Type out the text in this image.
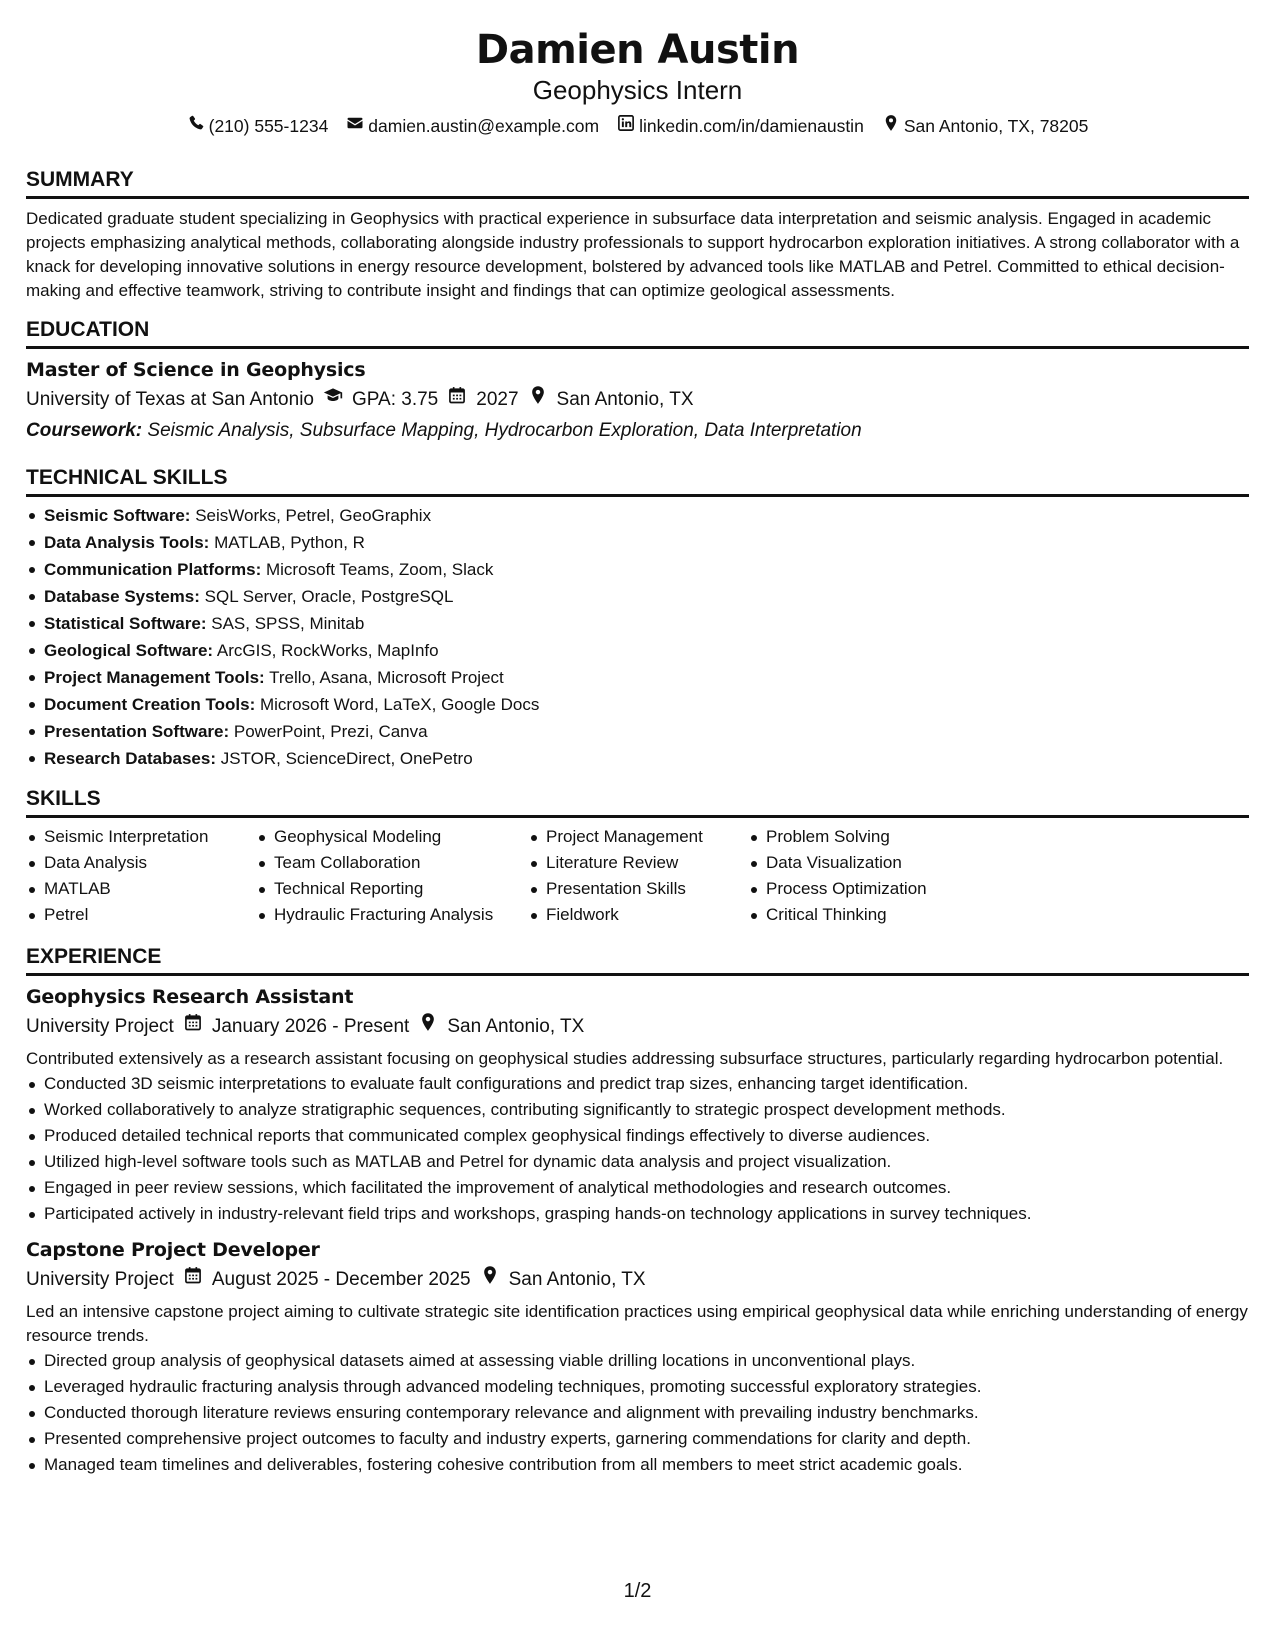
Damien Austin
Geophysics Intern
(210) 555-1234 damien.austin@example.com linkedin.com/in/damienaustin San Antonio, TX, 78205
SUMMARY

Dedicated graduate student specializing in Geophysics with practical experience in subsurface data interpretation and seismic analysis. Engaged in academic projects emphasizing analytical methods, collaborating alongside industry professionals to support hydrocarbon exploration initiatives. A strong collaborator with a knack for developing innovative solutions in energy resource development, bolstered by advanced tools like MATLAB and Petrel. Committed to ethical decision-making and effective teamwork, striving to contribute insight and findings that can optimize geological assessments.

EDUCATION
Master of Science in Geophysics
University of Texas at San Antonio GPA: 3.75 2027 San Antonio, TX
Coursework: Seismic Analysis, Subsurface Mapping, Hydrocarbon Exploration, Data Interpretation
TECHNICAL SKILLS
Seismic Software: SeisWorks, Petrel, GeoGraphix
Data Analysis Tools: MATLAB, Python, R
Communication Platforms: Microsoft Teams, Zoom, Slack
Database Systems: SQL Server, Oracle, PostgreSQL
Statistical Software: SAS, SPSS, Minitab
Geological Software: ArcGIS, RockWorks, MapInfo
Project Management Tools: Trello, Asana, Microsoft Project
Document Creation Tools: Microsoft Word, LaTeX, Google Docs
Presentation Software: PowerPoint, Prezi, Canva
Research Databases: JSTOR, ScienceDirect, OnePetro
SKILLS
Seismic Interpretation
Data Analysis
MATLAB
Petrel
Geophysical Modeling
Team Collaboration
Technical Reporting
Hydraulic Fracturing Analysis
Project Management
Literature Review
Presentation Skills
Fieldwork
Problem Solving
Data Visualization
Process Optimization
Critical Thinking
EXPERIENCE
Geophysics Research Assistant
University Project January 2026 - Present San Antonio, TX

Contributed extensively as a research assistant focusing on geophysical studies addressing subsurface structures, particularly regarding hydrocarbon potential.

Conducted 3D seismic interpretations to evaluate fault configurations and predict trap sizes, enhancing target identification.
Worked collaboratively to analyze stratigraphic sequences, contributing significantly to strategic prospect development methods.
Produced detailed technical reports that communicated complex geophysical findings effectively to diverse audiences.
Utilized high-level software tools such as MATLAB and Petrel for dynamic data analysis and project visualization.
Engaged in peer review sessions, which facilitated the improvement of analytical methodologies and research outcomes.
Participated actively in industry-relevant field trips and workshops, grasping hands-on technology applications in survey techniques.
Capstone Project Developer
University Project August 2025 - December 2025 San Antonio, TX

Led an intensive capstone project aiming to cultivate strategic site identification practices using empirical geophysical data while enriching understanding of energy resource trends.

Directed group analysis of geophysical datasets aimed at assessing viable drilling locations in unconventional plays.
Leveraged hydraulic fracturing analysis through advanced modeling techniques, promoting successful exploratory strategies.
Conducted thorough literature reviews ensuring contemporary relevance and alignment with prevailing industry benchmarks.
Presented comprehensive project outcomes to faculty and industry experts, garnering commendations for clarity and depth.
Managed team timelines and deliverables, fostering cohesive contribution from all members to meet strict academic goals.
1/2
